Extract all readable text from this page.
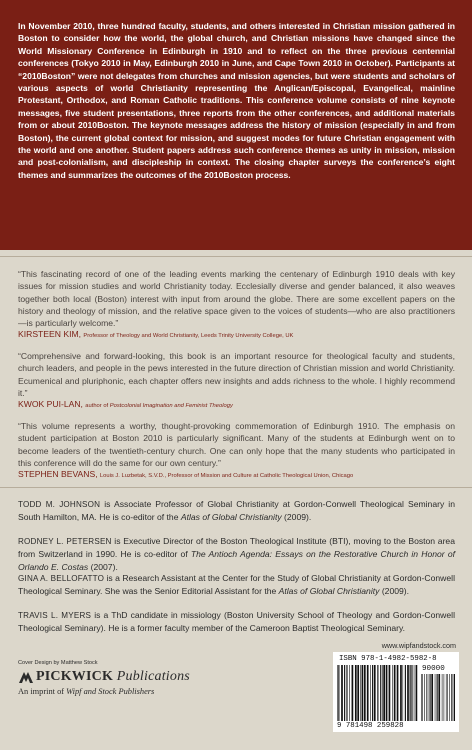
In November 2010, three hundred faculty, students, and others interested in Christian mission gathered in Boston to consider how the world, the global church, and Christian missions have changed since the World Missionary Conference in Edinburgh in 1910 and to reflect on the three previous centennial conferences (Tokyo 2010 in May, Edinburgh 2010 in June, and Cape Town 2010 in October). Participants at “2010Boston” were not delegates from churches and mission agencies, but were students and scholars of various aspects of world Christianity representing the Anglican/Episcopal, Evangelical, mainline Protestant, Orthodox, and Roman Catholic traditions. This conference volume consists of nine keynote messages, five student presentations, three reports from the other conferences, and additional materials from or about 2010Boston. The keynote messages address the history of mission (especially in and from Boston), the current global context for mission, and suggest modes for future Christian engagement with the world and one another. Student papers address such conference themes as unity in mission, mission and post-colonialism, and discipleship in context. The closing chapter surveys the conference’s eight themes and summarizes the outcomes of the 2010Boston process.

“This fascinating record of one of the leading events marking the centenary of Edinburgh 1910 deals with key issues for mission studies and world Christianity today. Ecclesially diverse and gender balanced, it also weaves together both local (Boston) interest with input from around the globe. There are some excellent papers on the history and theology of mission, and the relative space given to the voices of students—who are also practitioners—is particularly welcome.”

KIRSTEEN KIM, Professor of Theology and World Christianity, Leeds Trinity University College, UK

“Comprehensive and forward-looking, this book is an important resource for theological faculty and students, church leaders, and people in the pews interested in the future direction of Christian mission and world Christianity. Ecumenical and pluriphonic, each chapter offers new insights and adds richness to the whole. I highly recommend it.”

KWOK PUI-LAN, author of Postcolonial Imagination and Feminist Theology

“This volume represents a worthy, thought-provoking commemoration of Edinburgh 1910. The emphasis on student participation at Boston 2010 is particularly significant. Many of the students at Edinburgh went on to become leaders of the twentieth-century church. One can only hope that the many students who participated in this conference will do the same for our own century.”

STEPHEN BEVANS, Louis J. Luzbetak, S.V.D., Professor of Mission and Culture at Catholic Theological Union, Chicago

TODD M. JOHNSON is Associate Professor of Global Christianity at Gordon-Conwell Theological Seminary in South Hamilton, MA. He is co-editor of the Atlas of Global Christianity (2009).

RODNEY L. PETERSEN is Executive Director of the Boston Theological Institute (BTI), moving to the Boston area from Switzerland in 1990. He is co-editor of The Antioch Agenda: Essays on the Restorative Church in Honor of Orlando E. Costas (2007).

GINA A. BELLOFATTO is a Research Assistant at the Center for the Study of Global Christianity at Gordon-Conwell Theological Seminary. She was the Senior Editorial Assistant for the Atlas of Global Christianity (2009).

TRAVIS L. MYERS is a ThD candidate in missiology (Boston University School of Theology and Gordon-Conwell Theological Seminary). He is a former faculty member of the Cameroon Baptist Theological Seminary.

www.wipfandstock.com
Cover Design by Matthew Stock
PICKWICK Publications
An imprint of Wipf and Stock Publishers
ISBN 978-1-4982-5982-8
90000
9 781498 259828
